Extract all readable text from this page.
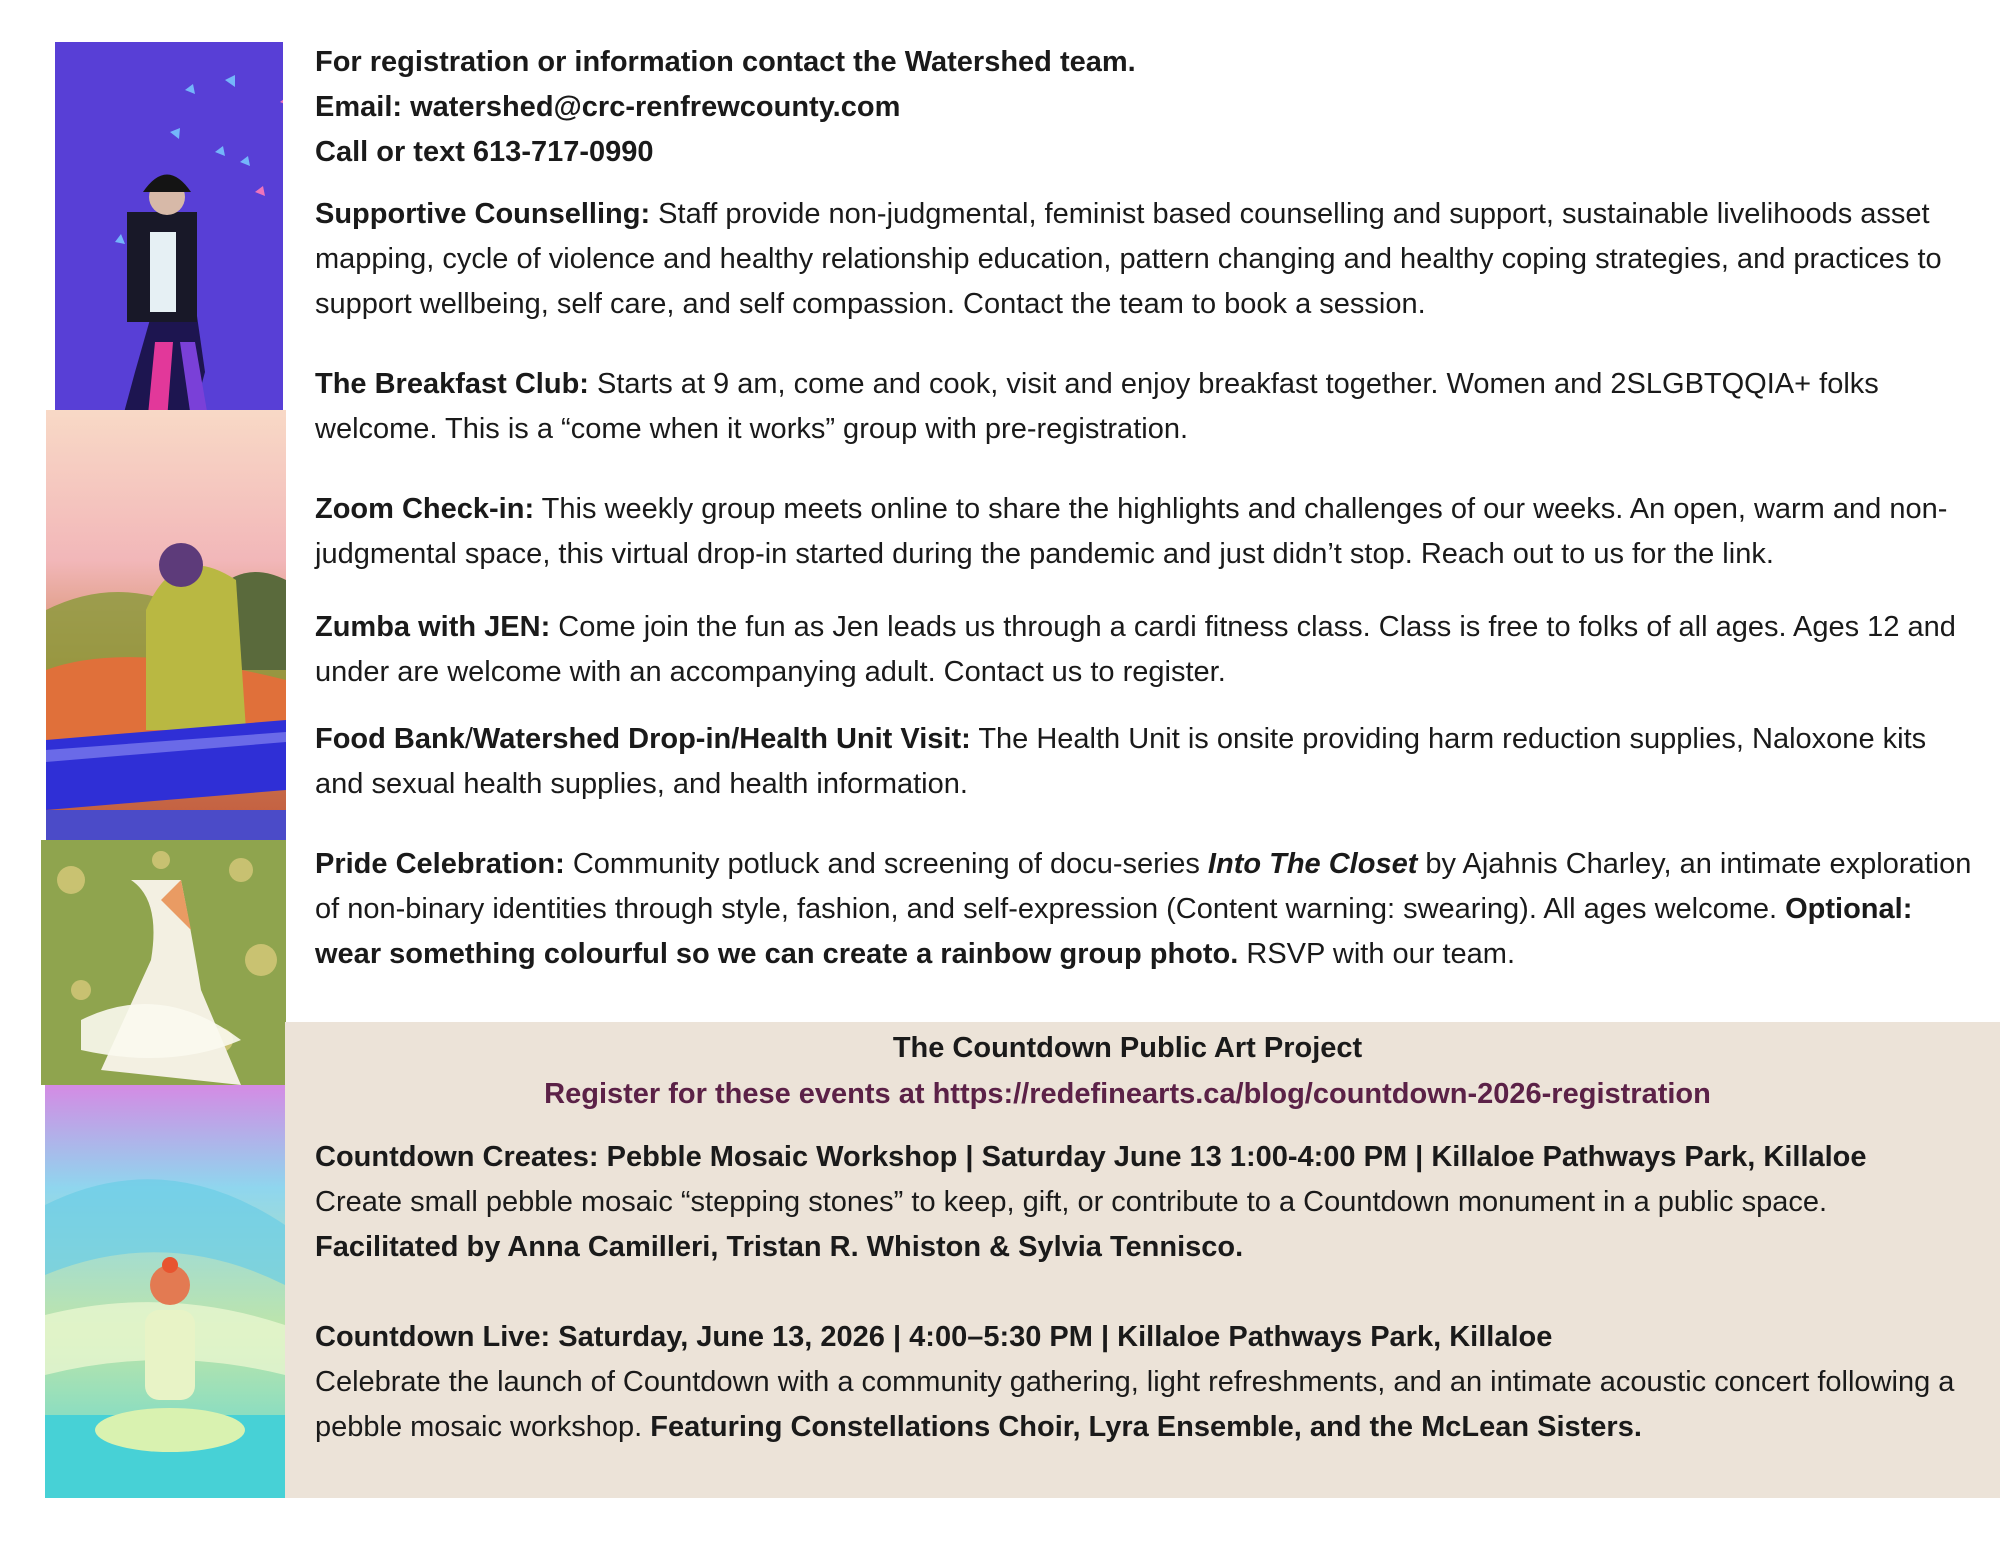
For registration or information contact the Watershed team.
Email: watershed@crc-renfrewcounty.com
Call or text 613-717-0990
Supportive Counselling: Staff provide non-judgmental, feminist based counselling and support, sustainable livelihoods asset mapping, cycle of violence and healthy relationship education, pattern changing and healthy coping strategies, and practices to support wellbeing, self care, and self compassion. Contact the team to book a session.
The Breakfast Club: Starts at 9 am, come and cook, visit and enjoy breakfast together. Women and 2SLGBTQQIA+ folks welcome. This is a “come when it works” group with pre-registration.
Zoom Check-in: This weekly group meets online to share the highlights and challenges of our weeks. An open, warm and non-judgmental space, this virtual drop-in started during the pandemic and just didn’t stop. Reach out to us for the link.
Zumba with JEN: Come join the fun as Jen leads us through a cardi fitness class. Class is free to folks of all ages. Ages 12 and under are welcome with an accompanying adult. Contact us to register.
Food Bank/Watershed Drop-in/Health Unit Visit: The Health Unit is onsite providing harm reduction supplies, Naloxone kits and sexual health supplies, and health information.
Pride Celebration: Community potluck and screening of docu-series Into The Closet by Ajahnis Charley, an intimate exploration of non-binary identities through style, fashion, and self-expression (Content warning: swearing). All ages welcome. Optional: wear something colourful so we can create a rainbow group photo. RSVP with our team.
The Countdown Public Art Project
Register for these events at https://redefinearts.ca/blog/countdown-2026-registration
Countdown Creates: Pebble Mosaic Workshop | Saturday June 13 1:00-4:00 PM | Killaloe Pathways Park, Killaloe
Create small pebble mosaic “stepping stones” to keep, gift, or contribute to a Countdown monument in a public space.
Facilitated by Anna Camilleri, Tristan R. Whiston & Sylvia Tennisco.
Countdown Live: Saturday, June 13, 2026 | 4:00–5:30 PM | Killaloe Pathways Park, Killaloe
Celebrate the launch of Countdown with a community gathering, light refreshments, and an intimate acoustic concert following a pebble mosaic workshop. Featuring Constellations Choir, Lyra Ensemble, and the McLean Sisters.
